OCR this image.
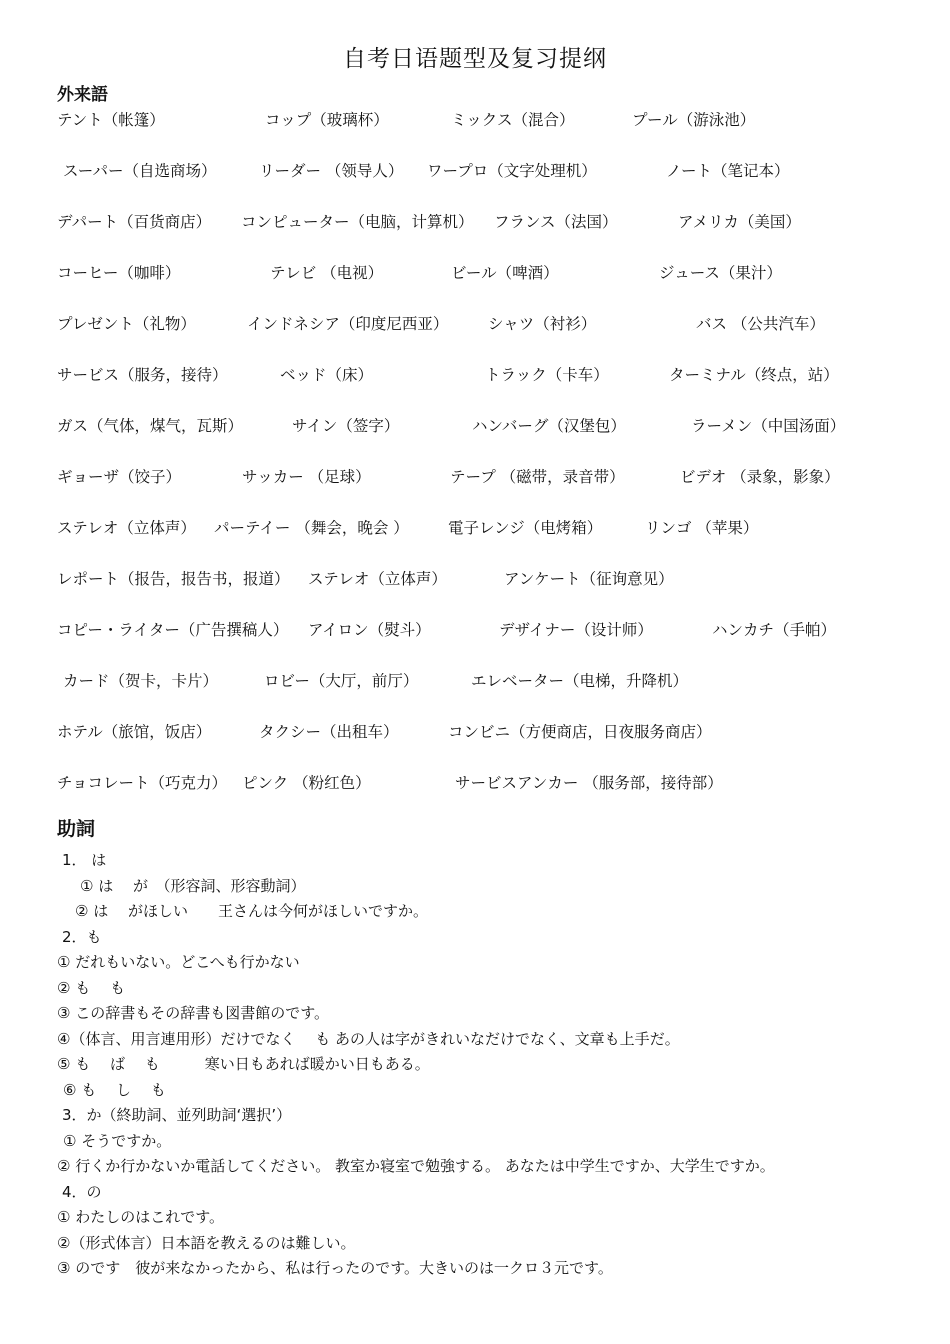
自考日语题型及复习提纲
外来語
テント（帐篷）	コップ（玻璃杯）	ミックス（混合）	プール（游泳池）
スーパー（自选商场）	リーダー （领导人） ワープロ（文字处理机）	ノート（笔记本）
デパート（百货商店） コンピューター（电脑，计算机） フランス（法国）	アメリカ（美国）
コーヒー（咖啡）	テレビ （电视）	ビール（啤酒）	ジュース（果汁）
プレゼント（礼物）	インドネシア（印度尼西亚）	シャツ（衬衫）	バス （公共汽车）
サービス（服务，接待）	ベッド（床）	トラック（卡车）	ターミナル（终点，站）
ガス（气体，煤气，瓦斯）	サイン（签字）	ハンバーグ（汉堡包）	ラーメン（中国汤面）
ギョーザ（饺子）	サッカー （足球）	テープ （磁带，录音带）	ビデオ （录象，影象）
ステレオ（立体声） パーテイー （舞会，晚会 ）	電子レンジ（电烤箱）	リンゴ （苹果）
レポート（报告，报告书，报道） ステレオ（立体声）	アンケート（征询意见）
コピー・ライター（广告撰稿人） アイロン（熨斗）	デザイナー（设计师）	ハンカチ（手帕）
カード（贺卡，卡片）	ロビー（大厅，前厅）	エレベーター（电梯，升降机）
ホテル（旅馆，饭店）	タクシー（出租车）	コンビニ（方便商店，日夜服务商店）
チョコレート（巧克力） ピンク （粉红色）	サービスアンカー （服务部，接待部）
助詞
1． は
① は　 が　（形容詞、形容動詞）
② は　 がほしい　　王さんは今何がほしいですか。
2．も
① だれもいない。どこへも行かない
② も　 も
③ この辞書もその辞書も図書館のです。
④（体言、用言連用形）だけでなく　 も あの人は字がきれいなだけでなく、文章も上手だ。
⑤ も　 ば　 も　　　寒い日もあれば暖かい日もある。
⑥ も　 し　 も
3．か（終助詞、並列助詞‘選択’）
① そうですか。
② 行くか行かないか電話してください。 教室か寝室で勉強する。 あなたは中学生ですか、大学生ですか。
4．の
① わたしのはこれです。
②（形式体言）日本語を教えるのは難しい。
③ のです　彼が来なかったから、私は行ったのです。大きいのは一クロ３元です。
